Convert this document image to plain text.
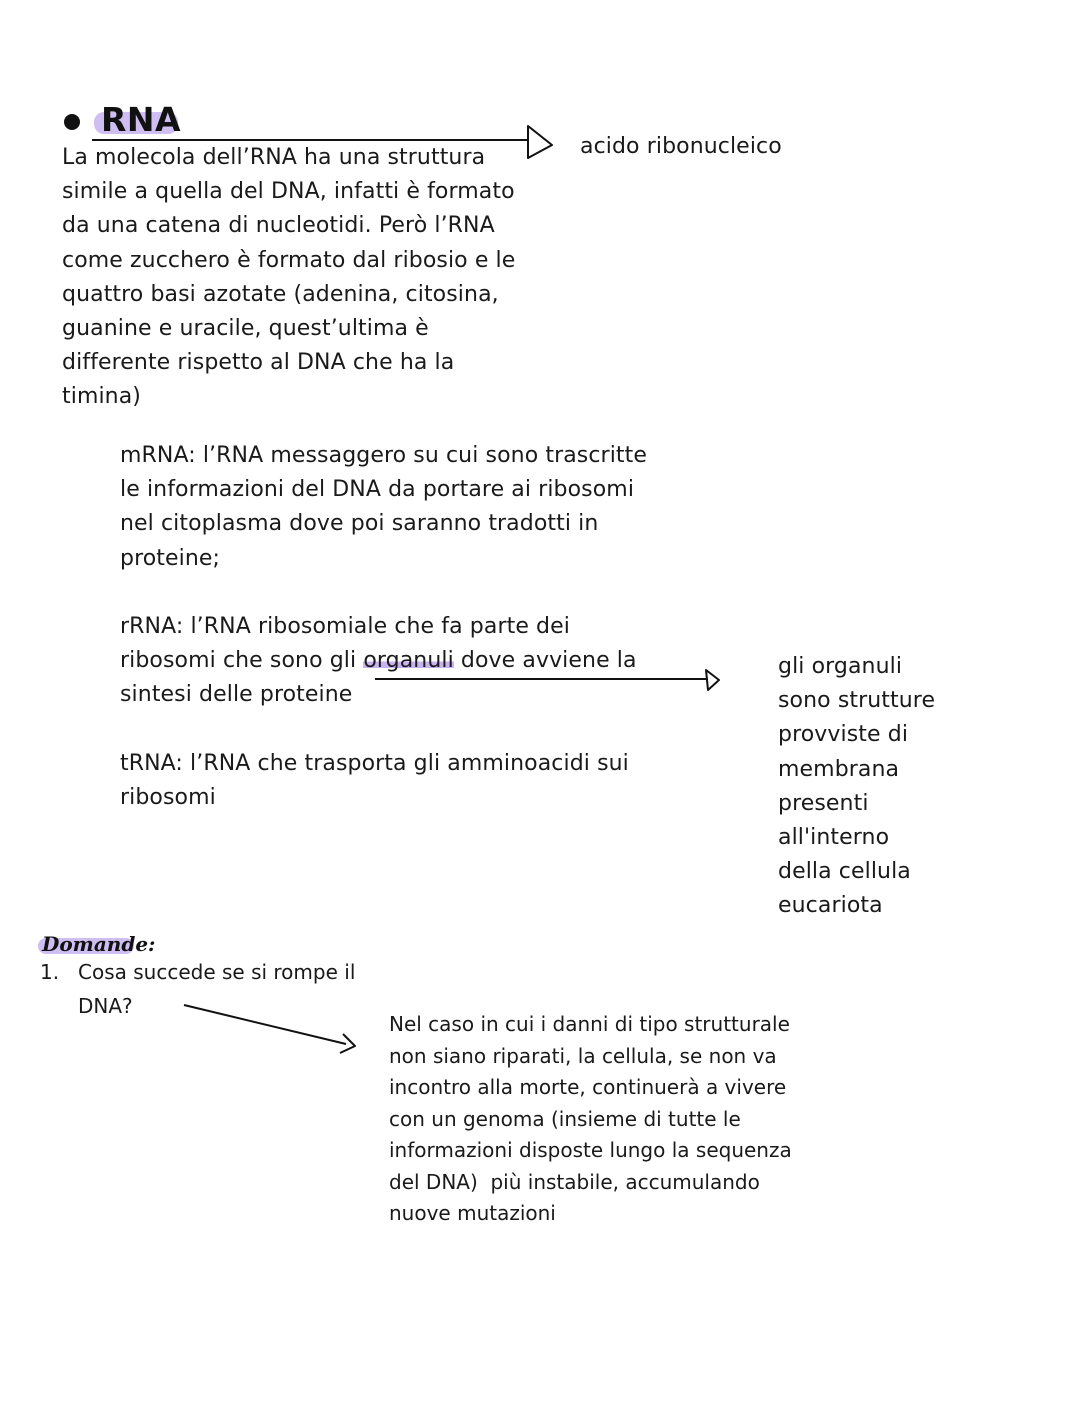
RNA
acido ribonucleico
La molecola dell’RNA ha una struttura
simile a quella del DNA, infatti è formato
da una catena di nucleotidi. Però l’RNA
come zucchero è formato dal ribosio e le
quattro basi azotate (adenina, citosina,
guanine e uracile, quest’ultima è
differente rispetto al DNA che ha la
timina)
mRNA: l’RNA messaggero su cui sono trascritte
le informazioni del DNA da portare ai ribosomi
nel citoplasma dove poi saranno tradotti in
proteine;
rRNA: l’RNA ribosomiale che fa parte dei
ribosomi che sono gli organuli dove avviene la
sintesi delle proteine
tRNA: l’RNA che trasporta gli amminoacidi sui
ribosomi
gli organuli
sono strutture
provviste di
membrana
presenti
all'interno
della cellula
eucariota
Domande:
1. Cosa succede se si rompe il
DNA?
Nel caso in cui i danni di tipo strutturale
non siano riparati, la cellula, se non va
incontro alla morte, continuerà a vivere
con un genoma (insieme di tutte le
informazioni disposte lungo la sequenza
del DNA)  più instabile, accumulando
nuove mutazioni
